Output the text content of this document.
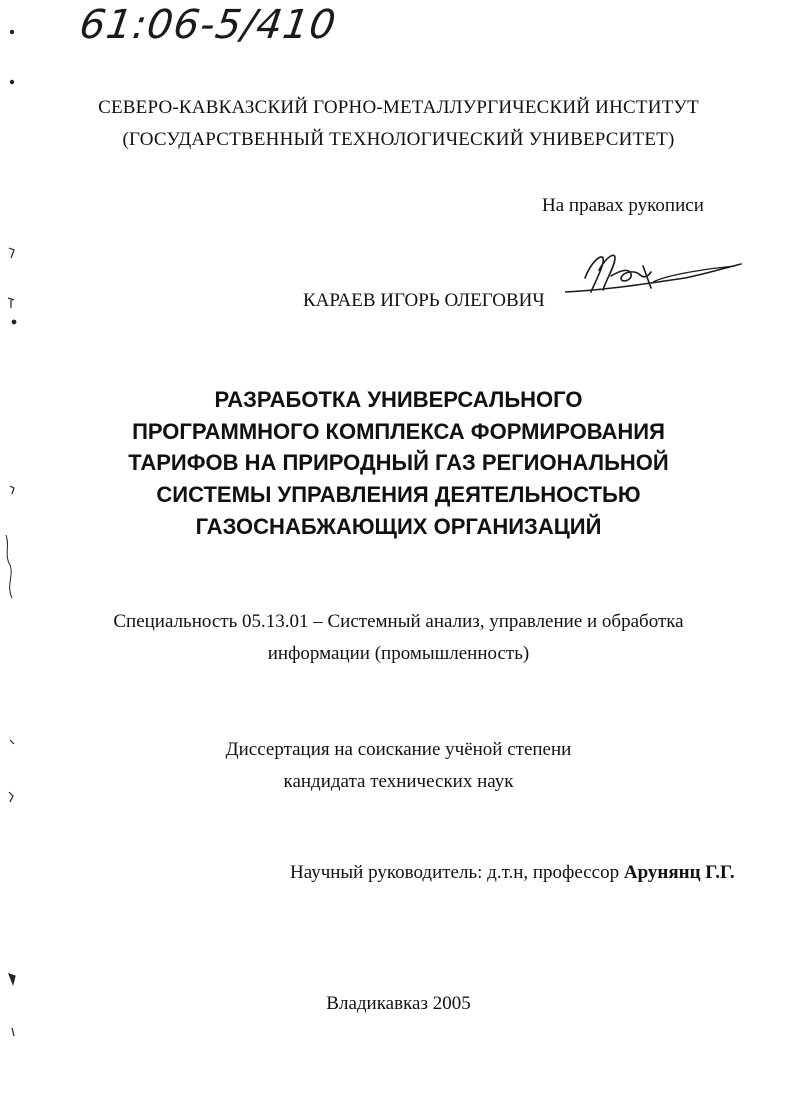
61:06-5/410
СЕВЕРО-КАВКАЗСКИЙ ГОРНО-МЕТАЛЛУРГИЧЕСКИЙ ИНСТИТУТ
(ГОСУДАРСТВЕННЫЙ ТЕХНОЛОГИЧЕСКИЙ УНИВЕРСИТЕТ)
На правах рукописи
КАРАЕВ ИГОРЬ ОЛЕГОВИЧ
РАЗРАБОТКА УНИВЕРСАЛЬНОГО
ПРОГРАММНОГО КОМПЛЕКСА ФОРМИРОВАНИЯ
ТАРИФОВ НА ПРИРОДНЫЙ ГАЗ РЕГИОНАЛЬНОЙ
СИСТЕМЫ УПРАВЛЕНИЯ ДЕЯТЕЛЬНОСТЬЮ
ГАЗОСНАБЖАЮЩИХ ОРГАНИЗАЦИЙ
Специальность 05.13.01 – Системный анализ, управление и обработка
информации (промышленность)
Диссертация на соискание учёной степени
кандидата технических наук
Научный руководитель: д.т.н, профессор Арунянц Г.Г.
Владикавказ 2005
